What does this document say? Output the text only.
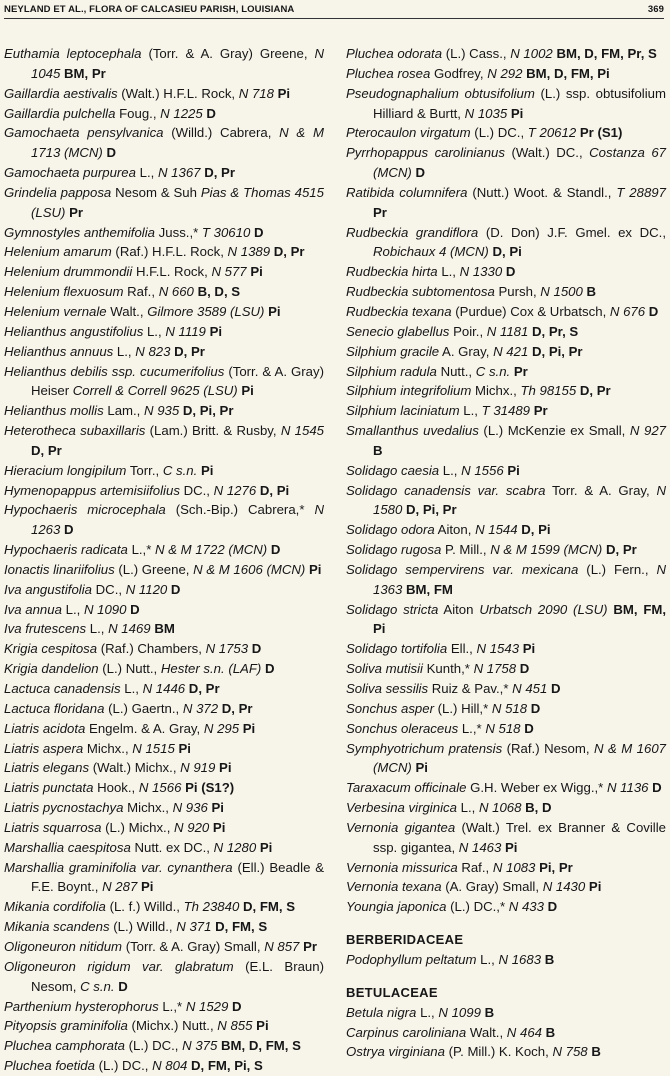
NEYLAND ET AL., FLORA OF CALCASIEU PARISH, LOUISIANA	369

Euthamia leptocephala (Torr. & A. Gray) Greene, N 1045 BM, Pr

Gaillardia aestivalis (Walt.) H.F.L. Rock, N 718 Pi

Gaillardia pulchella Foug., N 1225 D

Gamochaeta pensylvanica (Willd.) Cabrera, N & M 1713 (MCN) D

Gamochaeta purpurea L., N 1367 D, Pr

Grindelia papposa Nesom & Suh Pias & Thomas 4515 (LSU) Pr

Gymnostyles anthemifolia Juss.,* T 30610 D

Helenium amarum (Raf.) H.F.L. Rock, N 1389 D, Pr

Helenium drummondii H.F.L. Rock, N 577 Pi

Helenium flexuosum Raf., N 660 B, D, S

Helenium vernale Walt., Gilmore 3589 (LSU) Pi

Helianthus angustifolius L., N 1119 Pi

Helianthus annuus L., N 823 D, Pr

Helianthus debilis ssp. cucumerifolius (Torr. & A. Gray) Heiser Correll & Correll 9625 (LSU) Pi

Helianthus mollis Lam., N 935 D, Pi, Pr

Heterotheca subaxillaris (Lam.) Britt. & Rusby, N 1545 D, Pr

Hieracium longipilum Torr., C s.n. Pi

Hymenopappus artemisiifolius DC., N 1276 D, Pi

Hypochaeris microcephala (Sch.-Bip.) Cabrera,* N 1263 D

Hypochaeris radicata L.,* N & M 1722 (MCN) D

Ionactis linariifolius (L.) Greene, N & M 1606 (MCN) Pi

Iva angustifolia DC., N 1120 D

Iva annua L., N 1090 D

Iva frutescens L., N 1469 BM

Krigia cespitosa (Raf.) Chambers, N 1753 D

Krigia dandelion (L.) Nutt., Hester s.n. (LAF) D

Lactuca canadensis L., N 1446 D, Pr

Lactuca floridana (L.) Gaertn., N 372 D, Pr

Liatris acidota Engelm. & A. Gray, N 295 Pi

Liatris aspera Michx., N 1515 Pi

Liatris elegans (Walt.) Michx., N 919 Pi

Liatris punctata Hook., N 1566 Pi (S1?)

Liatris pycnostachya Michx., N 936 Pi

Liatris squarrosa (L.) Michx., N 920 Pi

Marshallia caespitosa Nutt. ex DC., N 1280 Pi

Marshallia graminifolia var. cynanthera (Ell.) Beadle & F.E. Boynt., N 287 Pi

Mikania cordifolia (L. f.) Willd., Th 23840 D, FM, S

Mikania scandens (L.) Willd., N 371 D, FM, S

Oligoneuron nitidum (Torr. & A. Gray) Small, N 857 Pr

Oligoneuron rigidum var. glabratum (E.L. Braun) Nesom, C s.n. D

Parthenium hysterophorus L.,* N 1529 D

Pityopsis graminifolia (Michx.) Nutt., N 855 Pi

Pluchea camphorata (L.) DC., N 375 BM, D, FM, S

Pluchea foetida (L.) DC., N 804 D, FM, Pi, S

Pluchea odorata (L.) Cass., N 1002 BM, D, FM, Pr, S

Pluchea rosea Godfrey, N 292 BM, D, FM, Pi

Pseudognaphalium obtusifolium (L.) ssp. obtusifolium Hilliard & Burtt, N 1035 Pi

Pterocaulon virgatum (L.) DC., T 20612 Pr (S1)

Pyrrhopappus carolinianus (Walt.) DC., Costanza 67 (MCN) D

Ratibida columnifera (Nutt.) Woot. & Standl., T 28897 Pr

Rudbeckia grandiflora (D. Don) J.F. Gmel. ex DC., Robichaux 4 (MCN) D, Pi

Rudbeckia hirta L., N 1330 D

Rudbeckia subtomentosa Pursh, N 1500 B

Rudbeckia texana (Purdue) Cox & Urbatsch, N 676 D

Senecio glabellus Poir., N 1181 D, Pr, S

Silphium gracile A. Gray, N 421 D, Pi, Pr

Silphium radula Nutt., C s.n. Pr

Silphium integrifolium Michx., Th 98155 D, Pr

Silphium laciniatum L., T 31489 Pr

Smallanthus uvedalius (L.) McKenzie ex Small, N 927 B

Solidago caesia L., N 1556 Pi

Solidago canadensis var. scabra Torr. & A. Gray, N 1580 D, Pi, Pr

Solidago odora Aiton, N 1544 D, Pi

Solidago rugosa P. Mill., N & M 1599 (MCN) D, Pr

Solidago sempervirens var. mexicana (L.) Fern., N 1363 BM, FM

Solidago stricta Aiton Urbatsch 2090 (LSU) BM, FM, Pi

Solidago tortifolia Ell., N 1543 Pi

Soliva mutisii Kunth,* N 1758 D

Soliva sessilis Ruiz & Pav.,* N 451 D

Sonchus asper (L.) Hill,* N 518 D

Sonchus oleraceus L.,* N 518 D

Symphyotrichum pratensis (Raf.) Nesom, N & M 1607 (MCN) Pi

Taraxacum officinale G.H. Weber ex Wigg.,* N 1136 D

Verbesina virginica L., N 1068 B, D

Vernonia gigantea (Walt.) Trel. ex Branner & Coville ssp. gigantea, N 1463 Pi

Vernonia missurica Raf., N 1083 Pi, Pr

Vernonia texana (A. Gray) Small, N 1430 Pi

Youngia japonica (L.) DC.,* N 433 D

BERBERIDACEAE

Podophyllum peltatum L., N 1683 B

BETULACEAE

Betula nigra L., N 1099 B

Carpinus caroliniana Walt., N 464 B

Ostrya virginiana (P. Mill.) K. Koch, N 758 B
